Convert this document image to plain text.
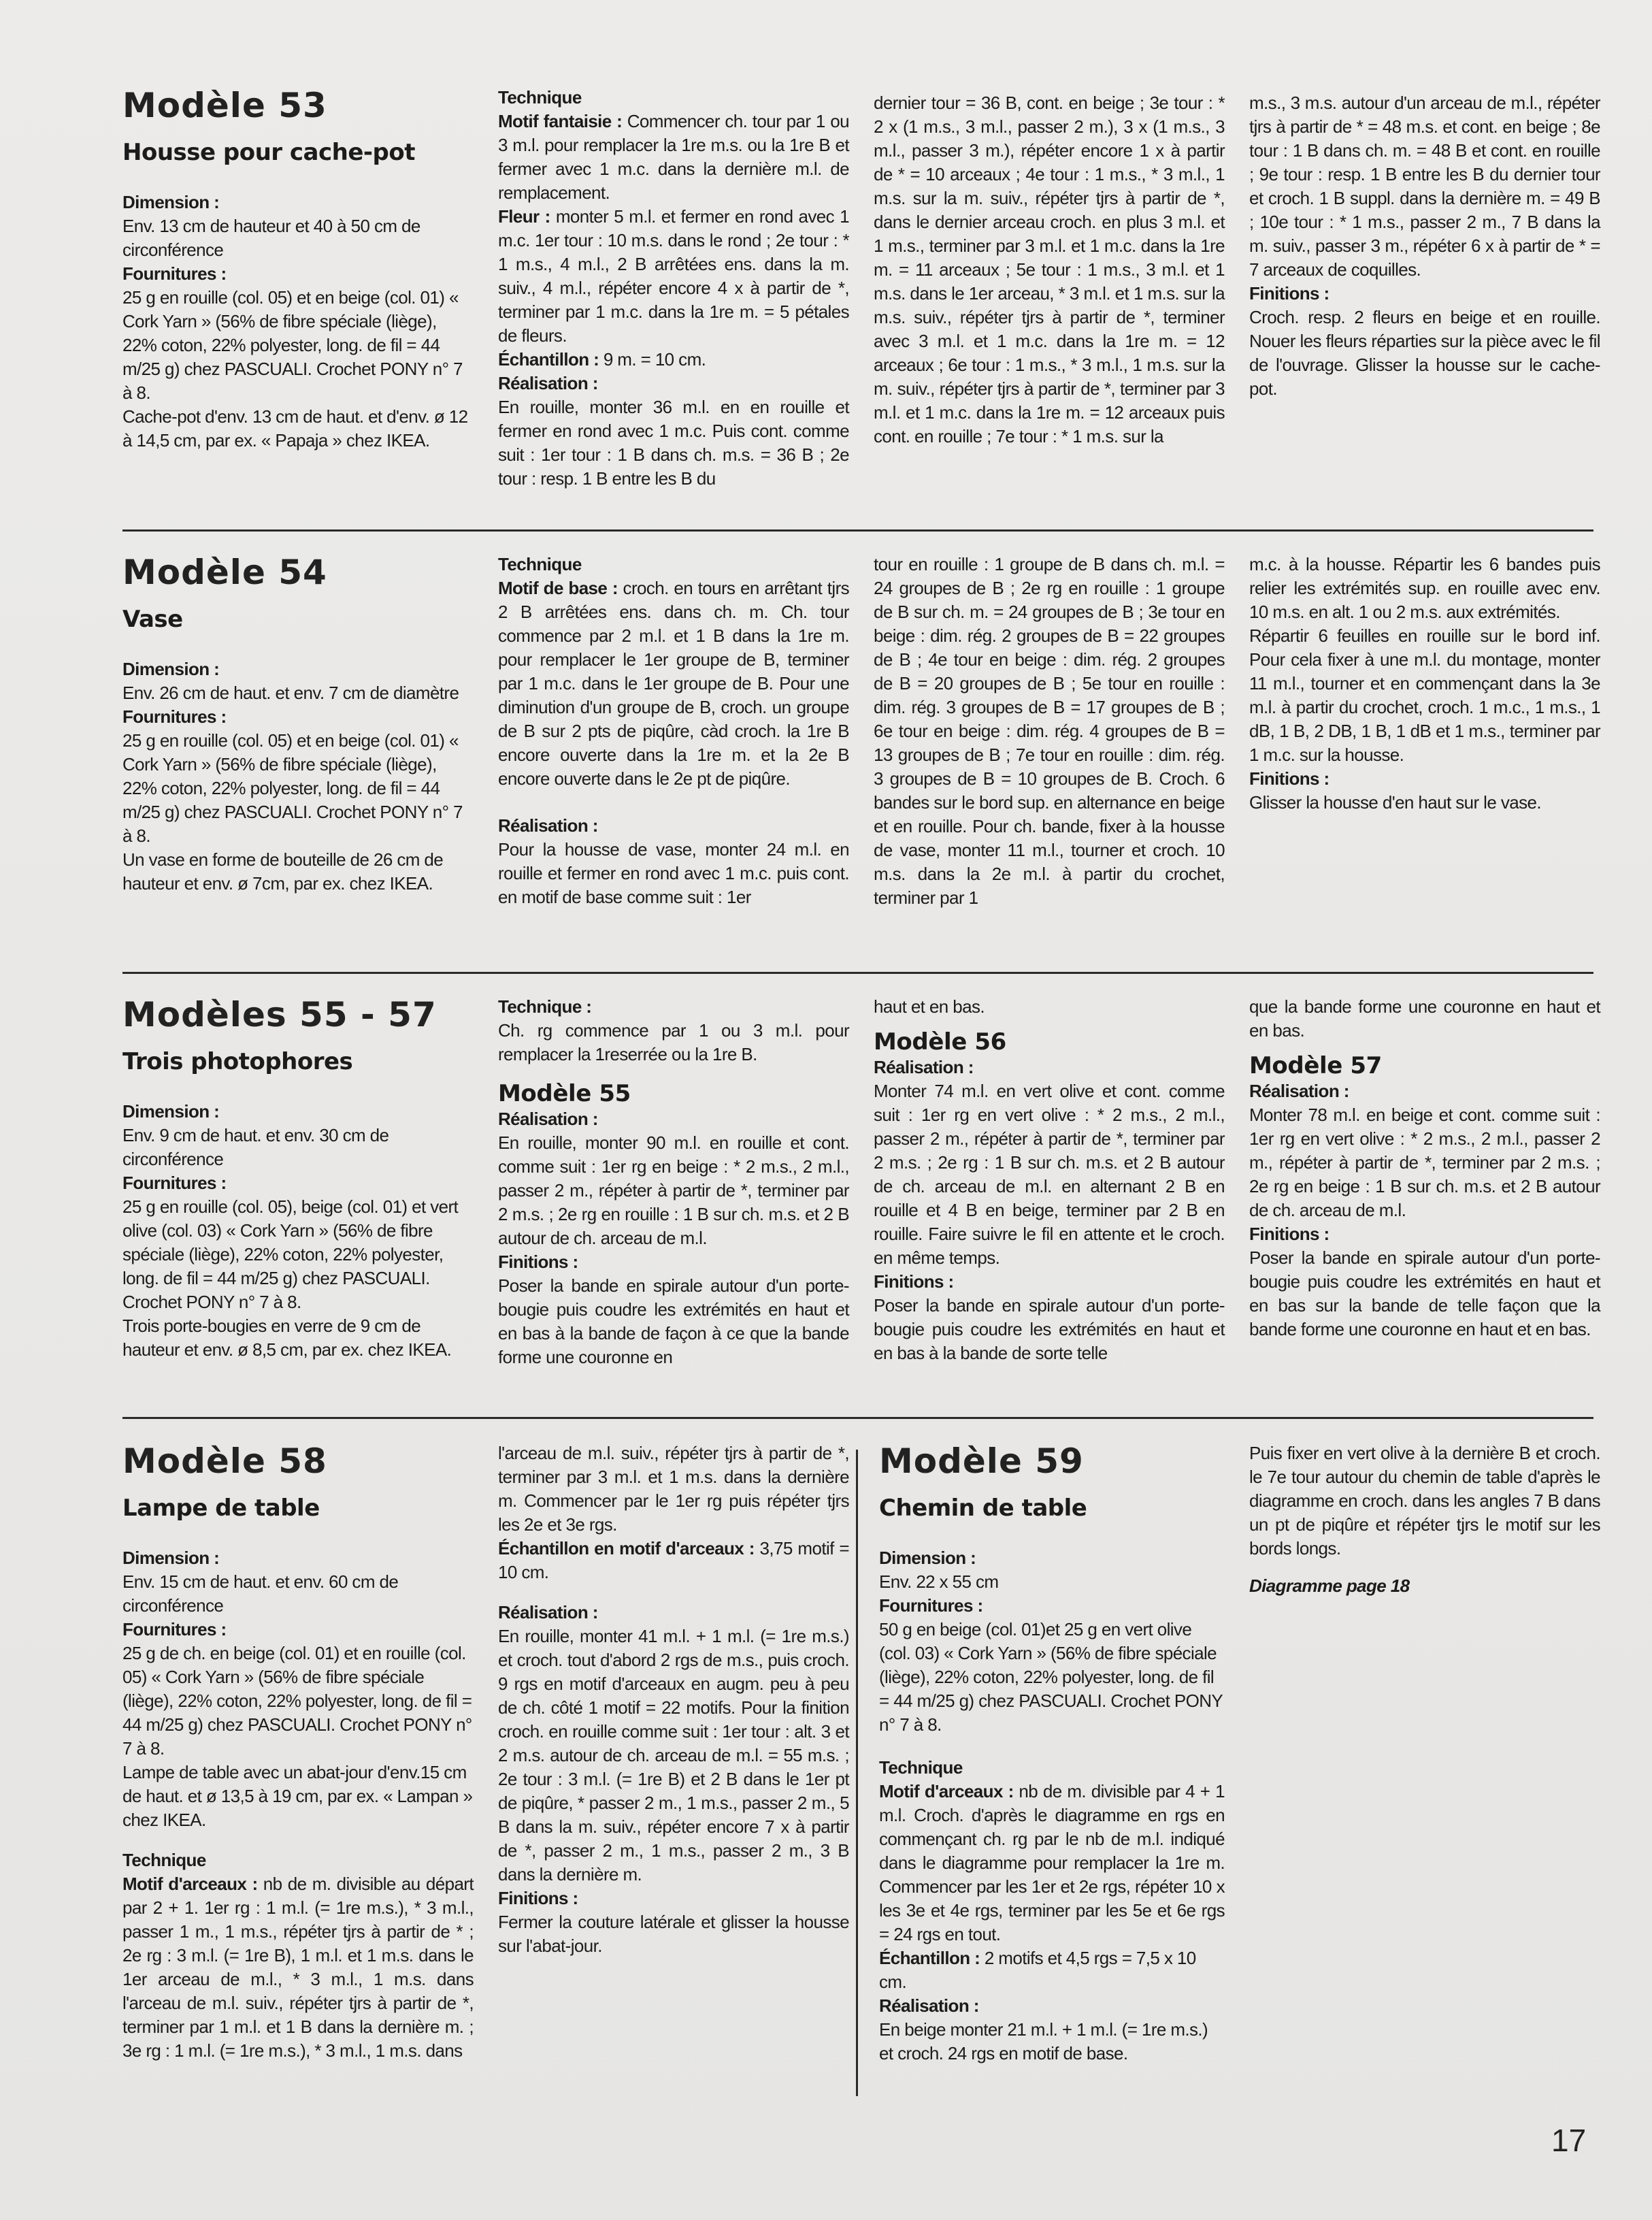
Modèle 53
Housse pour cache-pot

Dimension :

Env. 13 cm de hauteur et 40 à 50 cm de circonférence

Fournitures :

25 g en rouille (col. 05) et en beige (col. 01) « Cork Yarn » (56% de fibre spéciale (liège), 22% coton, 22% polyester, long. de fil = 44 m/25 g) chez PASCUALI. Crochet PONY n° 7 à 8.

Cache-pot d'env. 13 cm de haut. et d'env. ø 12 à 14,5 cm, par ex. « Papaja » chez IKEA.

Technique

Motif fantaisie : Commencer ch. tour par 1 ou 3 m.l. pour remplacer la 1re m.s. ou la 1re B et fermer avec 1 m.c. dans la dernière m.l. de remplacement.

Fleur : monter 5 m.l. et fermer en rond avec 1 m.c. 1er tour : 10 m.s. dans le rond ; 2e tour : * 1 m.s., 4 m.l., 2 B arrêtées ens. dans la m. suiv., 4 m.l., répéter encore 4 x à partir de *, terminer par 1 m.c. dans la 1re m. = 5 pétales de fleurs.

Échantillon : 9 m. = 10 cm.

Réalisation :

En rouille, monter 36 m.l. en en rouille et fermer en rond avec 1 m.c. Puis cont. comme suit : 1er tour : 1 B dans ch. m.s. = 36 B ; 2e tour : resp. 1 B entre les B du

dernier tour = 36 B, cont. en beige ; 3e tour : * 2 x (1 m.s., 3 m.l., passer 2 m.), 3 x (1 m.s., 3 m.l., passer 3 m.), répéter encore 1 x à partir de * = 10 arceaux ; 4e tour : 1 m.s., * 3 m.l., 1 m.s. sur la m. suiv., répéter tjrs à partir de *, dans le dernier arceau croch. en plus 3 m.l. et 1 m.s., terminer par 3 m.l. et 1 m.c. dans la 1re m. = 11 arceaux ; 5e tour : 1 m.s., 3 m.l. et 1 m.s. dans le 1er arceau, * 3 m.l. et 1 m.s. sur la m.s. suiv., répéter tjrs à partir de *, terminer avec 3 m.l. et 1 m.c. dans la 1re m. = 12 arceaux ; 6e tour : 1 m.s., * 3 m.l., 1 m.s. sur la m. suiv., répéter tjrs à partir de *, terminer par 3 m.l. et 1 m.c. dans la 1re m. = 12 arceaux puis cont. en rouille ; 7e tour : * 1 m.s. sur la

m.s., 3 m.s. autour d'un arceau de m.l., répéter tjrs à partir de * = 48 m.s. et cont. en beige ; 8e tour : 1 B dans ch. m. = 48 B et cont. en rouille ; 9e tour : resp. 1 B entre les B du dernier tour et croch. 1 B suppl. dans la dernière m. = 49 B ; 10e tour : * 1 m.s., passer 2 m., 7 B dans la m. suiv., passer 3 m., répéter 6 x à partir de * = 7 arceaux de coquilles.

Finitions :

Croch. resp. 2 fleurs en beige et en rouille. Nouer les fleurs réparties sur la pièce avec le fil de l'ouvrage. Glisser la housse sur le cache-pot.

Modèle 54
Vase

Dimension :

Env. 26 cm de haut. et env. 7 cm de diamètre

Fournitures :

25 g en rouille (col. 05) et en beige (col. 01) « Cork Yarn » (56% de fibre spéciale (liège), 22% coton, 22% polyester, long. de fil = 44 m/25 g) chez PASCUALI. Crochet PONY n° 7 à 8.

Un vase en forme de bouteille de 26 cm de hauteur et env. ø 7cm, par ex. chez IKEA.

Technique

Motif de base : croch. en tours en arrêtant tjrs 2 B arrêtées ens. dans ch. m. Ch. tour commence par 2 m.l. et 1 B dans la 1re m. pour remplacer le 1er groupe de B, terminer par 1 m.c. dans le 1er groupe de B. Pour une diminution d'un groupe de B, croch. un groupe de B sur 2 pts de piqûre, càd croch. la 1re B encore ouverte dans la 1re m. et la 2e B encore ouverte dans le 2e pt de piqûre.

Réalisation :

Pour la housse de vase, monter 24 m.l. en rouille et fermer en rond avec 1 m.c. puis cont. en motif de base comme suit : 1er

tour en rouille : 1 groupe de B dans ch. m.l. = 24 groupes de B ; 2e rg en rouille : 1 groupe de B sur ch. m. = 24 groupes de B ; 3e tour en beige : dim. rég. 2 groupes de B = 22 groupes de B ; 4e tour en beige : dim. rég. 2 groupes de B = 20 groupes de B ; 5e tour en rouille : dim. rég. 3 groupes de B = 17 groupes de B ; 6e tour en beige : dim. rég. 4 groupes de B = 13 groupes de B ; 7e tour en rouille : dim. rég. 3 groupes de B = 10 groupes de B. Croch. 6 bandes sur le bord sup. en alternance en beige et en rouille. Pour ch. bande, fixer à la housse de vase, monter 11 m.l., tourner et croch. 10 m.s. dans la 2e m.l. à partir du crochet, terminer par 1

m.c. à la housse. Répartir les 6 bandes puis relier les extrémités sup. en rouille avec env. 10 m.s. en alt. 1 ou 2 m.s. aux extrémités.

Répartir 6 feuilles en rouille sur le bord inf. Pour cela fixer à une m.l. du montage, monter 11 m.l., tourner et en commençant dans la 3e m.l. à partir du crochet, croch. 1 m.c., 1 m.s., 1 dB, 1 B, 2 DB, 1 B, 1 dB et 1 m.s., terminer par 1 m.c. sur la housse.

Finitions :

Glisser la housse d'en haut sur le vase.

Modèles 55 - 57
Trois photophores

Dimension :

Env. 9 cm de haut. et env. 30 cm de circonférence

Fournitures :

25 g en rouille (col. 05), beige (col. 01) et vert olive (col. 03) « Cork Yarn » (56% de fibre spéciale (liège), 22% coton, 22% polyester, long. de fil = 44 m/25 g) chez PASCUALI. Crochet PONY n° 7 à 8.

Trois porte-bougies en verre de 9 cm de hauteur et env. ø 8,5 cm, par ex. chez IKEA.

Technique :

Ch. rg commence par 1 ou 3 m.l. pour remplacer la 1reserrée ou la 1re B.

Modèle 55

Réalisation :

En rouille, monter 90 m.l. en rouille et cont. comme suit : 1er rg en beige : * 2 m.s., 2 m.l., passer 2 m., répéter à partir de *, terminer par 2 m.s. ; 2e rg en rouille : 1 B sur ch. m.s. et 2 B autour de ch. arceau de m.l.

Finitions :

Poser la bande en spirale autour d'un porte-bougie puis coudre les extrémités en haut et en bas à la bande de façon à ce que la bande forme une couronne en

haut et en bas.

Modèle 56

Réalisation :

Monter 74 m.l. en vert olive et cont. comme suit : 1er rg en vert olive : * 2 m.s., 2 m.l., passer 2 m., répéter à partir de *, terminer par 2 m.s. ; 2e rg : 1 B sur ch. m.s. et 2 B autour de ch. arceau de m.l. en alternant 2 B en rouille et 4 B en beige, terminer par 2 B en rouille. Faire suivre le fil en attente et le croch. en même temps.

Finitions :

Poser la bande en spirale autour d'un porte-bougie puis coudre les extrémités en haut et en bas à la bande de sorte telle

que la bande forme une couronne en haut et en bas.

Modèle 57

Réalisation :

Monter 78 m.l. en beige et cont. comme suit : 1er rg en vert olive : * 2 m.s., 2 m.l., passer 2 m., répéter à partir de *, terminer par 2 m.s. ; 2e rg en beige : 1 B sur ch. m.s. et 2 B autour de ch. arceau de m.l.

Finitions :

Poser la bande en spirale autour d'un porte-bougie puis coudre les extrémités en haut et en bas sur la bande de telle façon que la bande forme une couronne en haut et en bas.

Modèle 58
Lampe de table

Dimension :

Env. 15 cm de haut. et env. 60 cm de circonférence

Fournitures :

25 g de ch. en beige (col. 01) et en rouille (col. 05) « Cork Yarn » (56% de fibre spéciale (liège), 22% coton, 22% polyester, long. de fil = 44 m/25 g) chez PASCUALI. Crochet PONY n° 7 à 8.

Lampe de table avec un abat-jour d'env.15 cm de haut. et ø 13,5 à 19 cm, par ex. « Lampan » chez IKEA.

Technique

Motif d'arceaux : nb de m. divisible au départ par 2 + 1. 1er rg : 1 m.l. (= 1re m.s.), * 3 m.l., passer 1 m., 1 m.s., répéter tjrs à partir de * ; 2e rg : 3 m.l. (= 1re B), 1 m.l. et 1 m.s. dans le 1er arceau de m.l., * 3 m.l., 1 m.s. dans l'arceau de m.l. suiv., répéter tjrs à partir de *, terminer par 1 m.l. et 1 B dans la dernière m. ; 3e rg : 1 m.l. (= 1re m.s.), * 3 m.l., 1 m.s. dans

l'arceau de m.l. suiv., répéter tjrs à partir de *, terminer par 3 m.l. et 1 m.s. dans la dernière m. Commencer par le 1er rg puis répéter tjrs les 2e et 3e rgs.

Échantillon en motif d'arceaux : 3,75 motif = 10 cm.

Réalisation :

En rouille, monter 41 m.l. + 1 m.l. (= 1re m.s.) et croch. tout d'abord 2 rgs de m.s., puis croch. 9 rgs en motif d'arceaux en augm. peu à peu de ch. côté 1 motif = 22 motifs. Pour la finition croch. en rouille comme suit : 1er tour : alt. 3 et 2 m.s. autour de ch. arceau de m.l. = 55 m.s. ; 2e tour : 3 m.l. (= 1re B) et 2 B dans le 1er pt de piqûre, * passer 2 m., 1 m.s., passer 2 m., 5 B dans la m. suiv., répéter encore 7 x à partir de *, passer 2 m., 1 m.s., passer 2 m., 3 B dans la dernière m.

Finitions :

Fermer la couture latérale et glisser la housse sur l'abat-jour.

Modèle 59
Chemin de table

Dimension :

Env. 22 x 55 cm

Fournitures :

50 g en beige (col. 01)et 25 g en vert olive (col. 03) « Cork Yarn » (56% de fibre spéciale (liège), 22% coton, 22% polyester, long. de fil = 44 m/25 g) chez PASCUALI. Crochet PONY n° 7 à 8.

Technique

Motif d'arceaux : nb de m. divisible par 4 + 1 m.l. Croch. d'après le diagramme en rgs en commençant ch. rg par le nb de m.l. indiqué dans le diagramme pour remplacer la 1re m. Commencer par les 1er et 2e rgs, répéter 10 x les 3e et 4e rgs, terminer par les 5e et 6e rgs = 24 rgs en tout.

Échantillon : 2 motifs et 4,5 rgs = 7,5 x 10 cm.

Réalisation :

En beige monter 21 m.l. + 1 m.l. (= 1re m.s.) et croch. 24 rgs en motif de base.

Puis fixer en vert olive à la dernière B et croch. le 7e tour autour du chemin de table d'après le diagramme en croch. dans les angles 7 B dans un pt de piqûre et répéter tjrs le motif sur les bords longs.

Diagramme page 18

17
